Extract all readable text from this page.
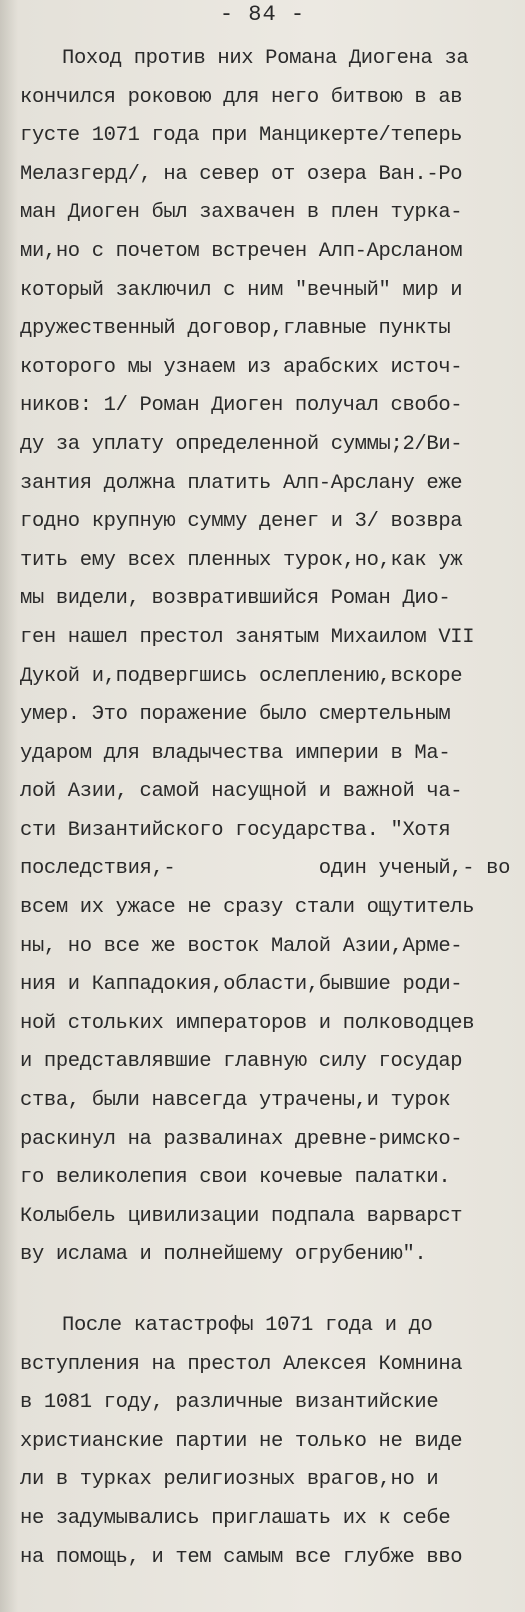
- 84 -
Поход против них Романа Диогена за
кончился роковою для него битвою в ав
густе 1071 года при Манцикерте/теперь
Мелазгерд/, на север от озера Ван.-Ро
ман Диоген был захвачен в плен турка-
ми,но с почетом встречен Алп-Арсланом
который заключил с ним "вечный" мир и
дружественный договор,главные пункты
которого мы узнаем из арабских источ-
ников: 1/ Роман Диоген получал свобо-
ду за уплату определенной суммы;2/Ви-
зантия должна платить Алп-Арслану еже
годно крупную сумму денег и 3/ возвра
тить ему всех пленных турок,но,как уж
мы видели, возвратившийся Роман Дио-
ген нашел престол занятым Михаилом VII
Дукой и,подвергшись ослеплению,вскоре
умер. Это поражение было смертельным
ударом для владычества империи в Ма-
лой Азии, самой насущной и важной ча-
сти Византийского государства. "Хотя
последствия,-            один ученый,- во
всем их ужасе не сразу стали ощутитель
ны, но все же восток Малой Азии,Арме-
ния и Каппадокия,области,бывшие роди-
ной стольких императоров и полководцев
и представлявшие главную силу государ
ства, были навсегда утрачены,и турок
раскинул на развалинах древне-римско-
го великолепия свои кочевые палатки.
Колыбель цивилизации подпала варварст
ву ислама и полнейшему огрубению".
После катастрофы 1071 года и до
вступления на престол Алексея Комнина
в 1081 году, различные византийские
христианские партии не только не виде
ли в турках религиозных врагов,но и
не задумывались приглашать их к себе
на помощь, и тем самым все глубже вво
